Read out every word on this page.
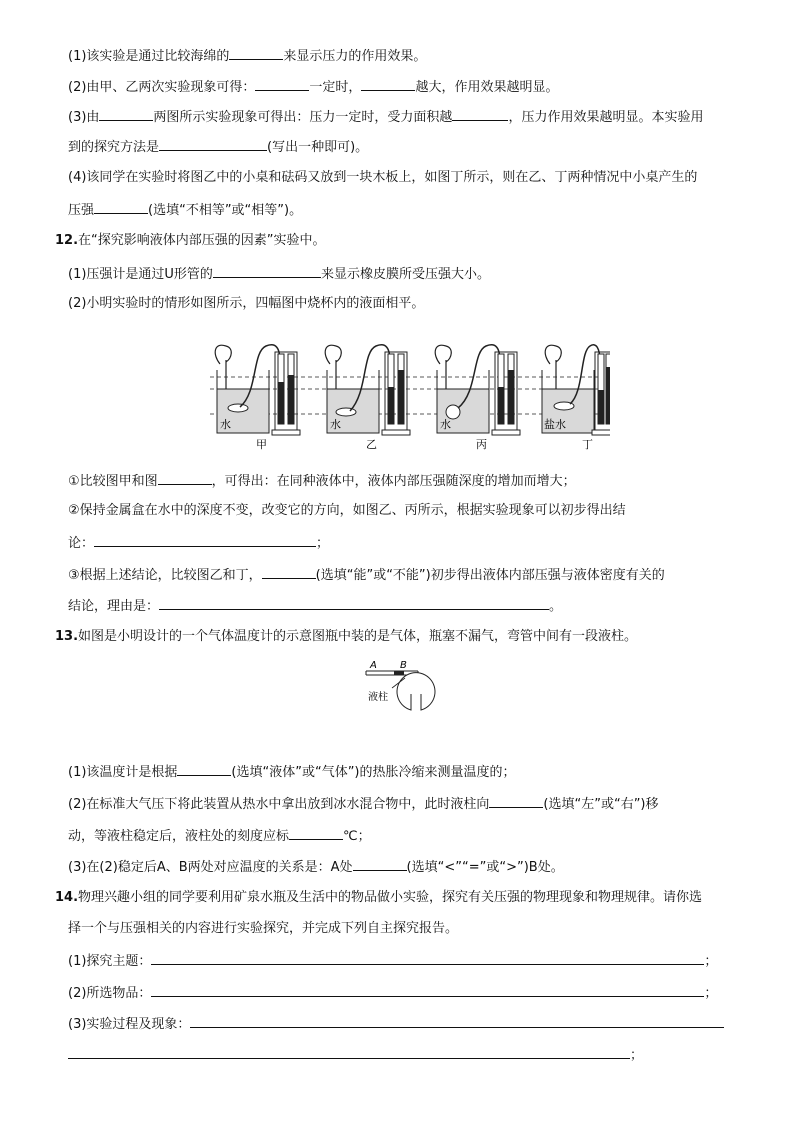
(1)该实验是通过比较海绵的	来显示压力的作用效果。
(2)由甲、乙两次实验现象可得：	一定时，	越大，作用效果越明显。
(3)由	两图所示实验现象可得出：压力一定时，受力面积越	，压力作用效果越明显。本实验用
到的探究方法是	(写出一种即可)。
(4)该同学在实验时将图乙中的小桌和砝码又放到一块木板上，如图丁所示，则在乙、丁两种情况中小桌产生的
压强	(选填“不相等”或“相等”)。
12.在“探究影响液体内部压强的因素”实验中。
(1)压强计是通过U形管的	来显示橡皮膜所受压强大小。
(2)小明实验时的情形如图所示，四幅图中烧杯内的液面相平。
水
甲
水
乙
水
丙
盐水
丁
①比较图甲和图	，可得出：在同种液体中，液体内部压强随深度的增加而增大；
②保持金属盒在水中的深度不变，改变它的方向，如图乙、丙所示，根据实验现象可以初步得出结
论：	；
③根据上述结论，比较图乙和丁，	(选填“能”或“不能”)初步得出液体内部压强与液体密度有关的
结论，理由是：	。
13.如图是小明设计的一个气体温度计的示意图瓶中装的是气体，瓶塞不漏气，弯管中间有一段液柱。
A B
液柱
(1)该温度计是根据	(选填“液体”或“气体”)的热胀冷缩来测量温度的；
(2)在标准大气压下将此装置从热水中拿出放到冰水混合物中，此时液柱向	(选填“左”或“右”)移
动，等液柱稳定后，液柱处的刻度应标	℃；
(3)在(2)稳定后A、B两处对应温度的关系是：A处	(选填“<”“=”或“>”)B处。
14.物理兴趣小组的同学要利用矿泉水瓶及生活中的物品做小实验，探究有关压强的物理现象和物理规律。请你选
择一个与压强相关的内容进行实验探究，并完成下列自主探究报告。
(1)探究主题：	；
(2)所选物品：	；
(3)实验过程及现象：
；
